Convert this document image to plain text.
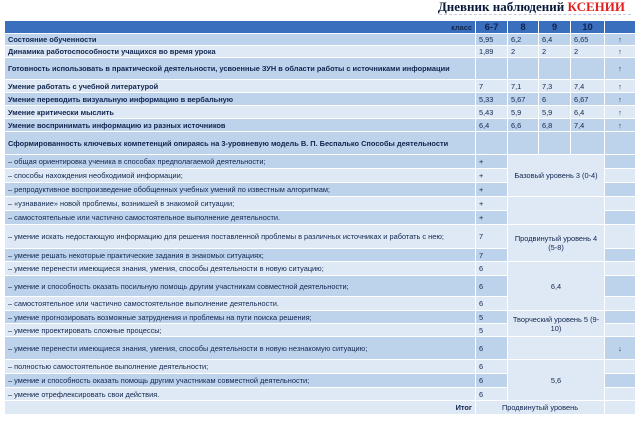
Дневник наблюдений КСЕНИИ
класс	6-7	8	9	10	
Состояние обученности	5,95	6,2	6,4	6,65	↑
Динамика работоспособности учащихся во время урока	1,89	2	2	2	↑
Готовность использовать в практической деятельности, усвоенные ЗУН в области работы с источниками информации					↑
Умение работать с учебной литературой	7	7,1	7,3	7,4	↑
Умение переводить визуальную информацию в вербальную	5,33	5,67	6	6,67	↑
Умение критически мыслить	5,43	5,9	5,9	6,4	↑
Умение воспринимать информацию из разных источников	6,4	6,6	6,8	7,4	↑
Сформированность ключевых компетенций опираясь на 3-уровневую модель В. П. Беспалько Способы деятельности					
– общая ориентировка ученика в способах предполагаемой деятельности;	+	Базовый уровень 3 (0-4)			
– способы нахождения необходимой информации;	+				
– репродуктивное воспроизведение обобщенных учебных умений по известным алгоритмам;	+				
– «узнавание» новой проблемы, возникшей в знакомой ситуации;	+				
– самостоятельные или частично самостоятельное выполнение деятельности.	+				
– умение искать недостающую информацию для решения поставленной проблемы в различных источниках и работать с нею;	7	Продвинутый уровень 4 (5-8)			
– умение решать некоторые практические задания в знакомых ситуациях;	7				
– умение перенести имеющиеся знания, умения, способы деятельности в новую ситуацию;	6	6,4			
– умение и способность оказать посильную помощь другим участникам совместной деятельности;	6				
– самостоятельное или частично самостоятельное выполнение деятельности.	6				
– умение прогнозировать возможные затруднения и проблемы на пути поиска решения;	5	Творческий уровень 5 (9-10)			
– умение проектировать сложные процессы;	5				
– умение перенести имеющиеся знания, умения, способы деятельности в новую незнакомую ситуацию;	6				↓
– полностью самостоятельное выполнение деятельности;	6	5,6			
– умение и способность оказать помощь другим участникам совместной деятельности;	6				
– умение отрефлексировать свои действия.	6				
Итог	Продвинутый уровень				
